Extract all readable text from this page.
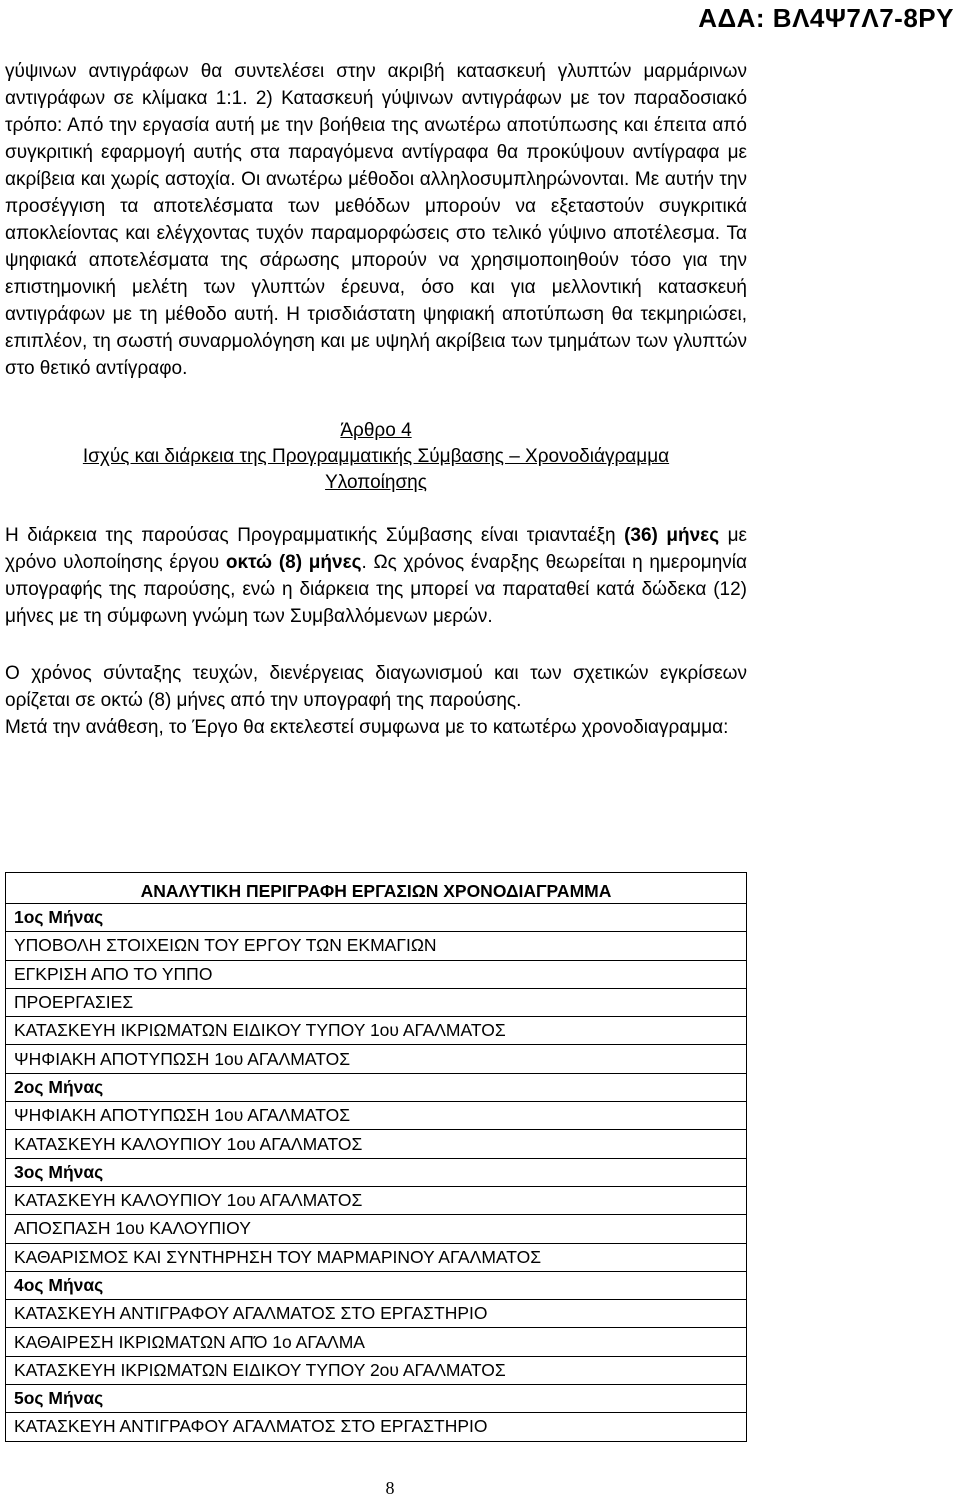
ΑΔΑ: ΒΛ4Ψ7Λ7-8ΡΥ

γύψινων αντιγράφων θα συντελέσει στην ακριβή κατασκευή γλυπτών μαρμάρινων αντιγράφων σε κλίμακα 1:1. 2) Κατασκευή γύψινων αντιγράφων με τον παραδοσιακό τρόπο: Από την εργασία αυτή με την βοήθεια της ανωτέρω αποτύπωσης και έπειτα από συγκριτική εφαρμογή αυτής στα παραγόμενα αντίγραφα θα προκύψουν αντίγραφα με ακρίβεια και χωρίς αστοχία. Οι ανωτέρω μέθοδοι αλληλοσυμπληρώνονται. Με αυτήν την προσέγγιση τα αποτελέσματα των μεθόδων μπορούν να εξεταστούν συγκριτικά αποκλείοντας και ελέγχοντας τυχόν παραμορφώσεις στο τελικό γύψινο αποτέλεσμα. Τα ψηφιακά αποτελέσματα της σάρωσης μπορούν να χρησιμοποιηθούν τόσο για την επιστημονική μελέτη των γλυπτών έρευνα, όσο και για μελλοντική κατασκευή αντιγράφων με τη μέθοδο αυτή. Η τρισδιάστατη ψηφιακή αποτύπωση θα τεκμηριώσει, επιπλέον, τη σωστή συναρμολόγηση και με υψηλή ακρίβεια των τμημάτων των γλυπτών στο θετικό αντίγραφο.

Άρθρο 4
Ισχύς και διάρκεια της Προγραμματικής Σύμβασης – Χρονοδιάγραμμα
Υλοποίησης

Η διάρκεια της παρούσας Προγραμματικής Σύμβασης είναι τριανταέξη (36) μήνες με χρόνο υλοποίησης έργου οκτώ (8) μήνες. Ως χρόνος έναρξης θεωρείται η ημερομηνία υπογραφής της παρούσης, ενώ η διάρκεια της μπορεί να παραταθεί κατά δώδεκα (12) μήνες με τη σύμφωνη γνώμη των Συμβαλλόμενων μερών.

Ο χρόνος σύνταξης τευχών, διενέργειας διαγωνισμού και των σχετικών εγκρίσεων ορίζεται σε οκτώ (8) μήνες από την υπογραφή της παρούσης.

Μετά την ανάθεση, το Έργο θα εκτελεστεί συμφωνα με το κατωτέρω χρονοδιαγραμμα:

ΑΝΑΛΥΤΙΚΗ ΠΕΡΙΓΡΑΦΗ ΕΡΓΑΣΙΩΝ ΧΡΟΝΟΔΙΑΓΡΑΜΜΑ
1ος Μήνας
ΥΠΟΒΟΛΗ ΣΤΟΙΧΕΙΩΝ ΤΟΥ ΕΡΓΟΥ ΤΩΝ ΕΚΜΑΓΙΩΝ
ΕΓΚΡΙΣΗ ΑΠΟ ΤΟ ΥΠΠΟ
ΠΡΟΕΡΓΑΣΙΕΣ
ΚΑΤΑΣΚΕΥΗ ΙΚΡΙΩΜΑΤΩΝ ΕΙΔΙΚΟΥ ΤΥΠΟΥ 1ου ΑΓΑΛΜΑΤΟΣ
ΨΗΦΙΑΚΗ ΑΠΟΤΥΠΩΣΗ 1ου ΑΓΑΛΜΑΤΟΣ
2ος Μήνας
ΨΗΦΙΑΚΗ ΑΠΟΤΥΠΩΣΗ 1ου ΑΓΑΛΜΑΤΟΣ
ΚΑΤΑΣΚΕΥΗ ΚΑΛΟΥΠΙΟΥ 1ου ΑΓΑΛΜΑΤΟΣ
3ος Μήνας
ΚΑΤΑΣΚΕΥΗ ΚΑΛΟΥΠΙΟΥ 1ου ΑΓΑΛΜΑΤΟΣ
ΑΠΟΣΠΑΣΗ 1ου ΚΑΛΟΥΠΙΟΥ
ΚΑΘΑΡΙΣΜΟΣ ΚΑΙ ΣΥΝΤΗΡΗΣΗ ΤΟΥ ΜΑΡΜΑΡΙΝΟΥ ΑΓΑΛΜΑΤΟΣ
4ος Μήνας
ΚΑΤΑΣΚΕΥΗ ΑΝΤΙΓΡΑΦΟΥ ΑΓΑΛΜΑΤΟΣ ΣΤΟ ΕΡΓΑΣΤΗΡΙΟ
ΚΑΘΑΙΡΕΣΗ ΙΚΡΙΩΜΑΤΩΝ ΑΠΌ 1ο ΑΓΑΛΜΑ
ΚΑΤΑΣΚΕΥΗ ΙΚΡΙΩΜΑΤΩΝ ΕΙΔΙΚΟΥ ΤΥΠΟΥ 2ου ΑΓΑΛΜΑΤΟΣ
5ος Μήνας
ΚΑΤΑΣΚΕΥΗ ΑΝΤΙΓΡΑΦΟΥ ΑΓΑΛΜΑΤΟΣ ΣΤΟ ΕΡΓΑΣΤΗΡΙΟ
8
